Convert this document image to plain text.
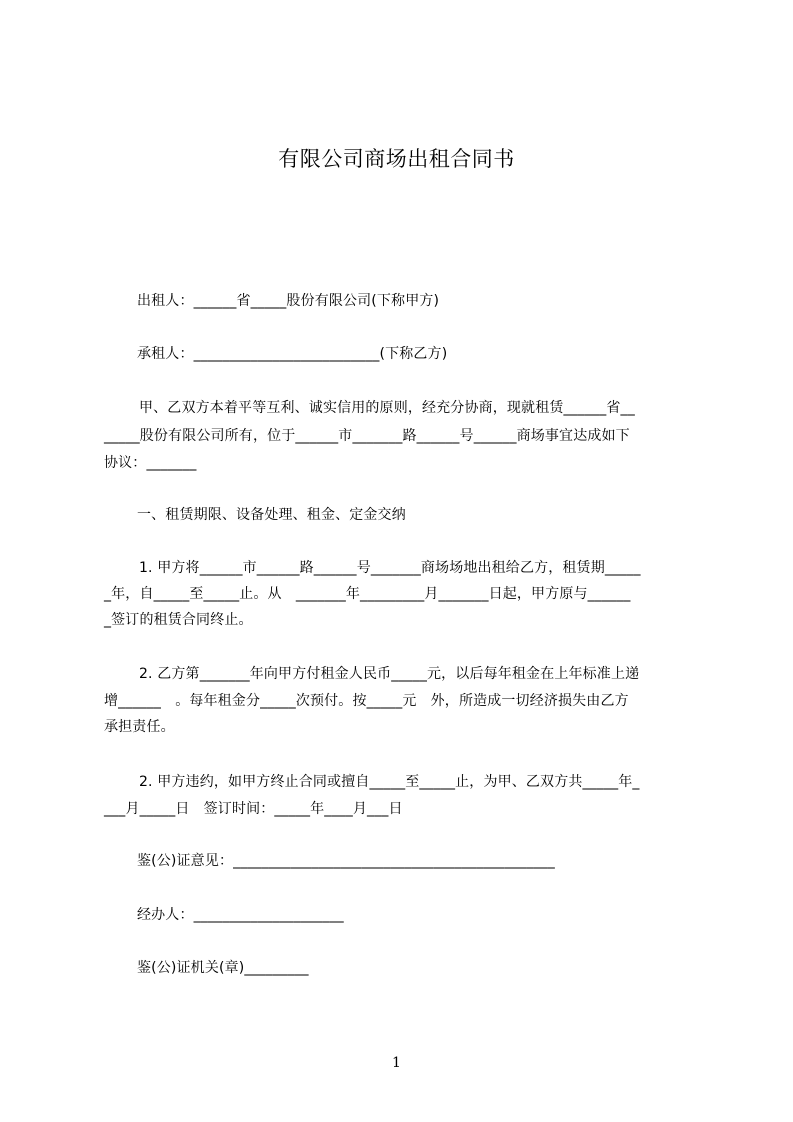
有限公司商场出租合同书
出租人：______省_____股份有限公司(下称甲方)
承租人：__________________________(下称乙方)
甲、乙双方本着平等互利、诚实信用的原则，经充分协商，现就租赁______省__
_____股份有限公司所有，位于______市_______路______号______商场事宜达成如下
协议：_______
一、租赁期限、设备处理、租金、定金交纳
1. 甲方将______市______路______号_______商场场地出租给乙方，租赁期_____
_年，自_____至_____止。从　_______年_________月_______日起，甲方原与______
_签订的租赁合同终止。
2. 乙方第_______年向甲方付租金人民币_____元，以后每年租金在上年标准上递
增______　。每年租金分_____次预付。按_____元　外，所造成一切经济损失由乙方
承担责任。
2. 甲方违约，如甲方终止合同或擅自_____至_____止，为甲、乙双方共_____年_
___月_____日　签订时间：_____年____月___日
鉴(公)证意见：_____________________________________________
经办人：_____________________
鉴(公)证机关(章)_________
1
